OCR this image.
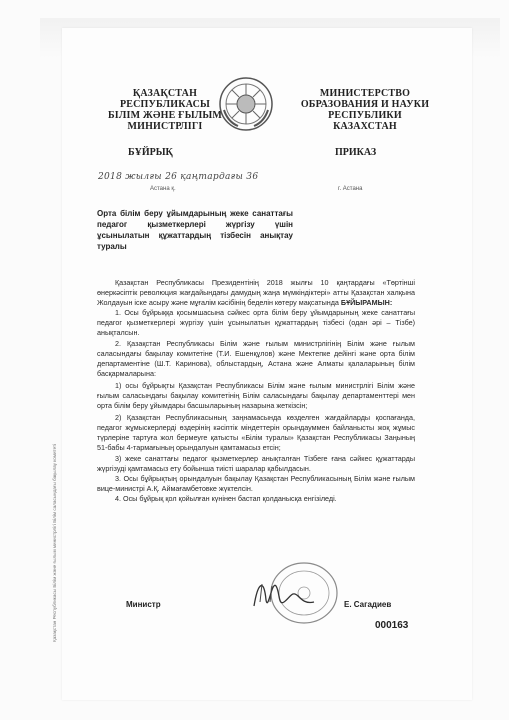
ҚАЗАҚСТАН
РЕСПУБЛИКАСЫ
БІЛІМ ЖӘНЕ ҒЫЛЫМ
МИНИСТРЛІГІ
МИНИСТЕРСТВО
ОБРАЗОВАНИЯ И НАУКИ
РЕСПУБЛИКИ
КАЗАХСТАН
БҰЙРЫҚ	ПРИКАЗ
2018 жылғы 26 қаңтардағы 36
Астана қ.	г. Астана
Орта білім беру ұйымдарының жеке санаттағы педагог қызметкерлері жүргізу үшін ұсынылатын құжаттардың тізбесін анықтау туралы

Қазақстан Республикасы Президентінің 2018 жылғы 10 қаңтардағы «Төртінші өнеркәсіптік революция жағдайындағы дамудың жаңа мүмкіндіктері» атты Қазақстан халқына Жолдауын іске асыру және мұғалім кәсібінің беделін көтеру мақсатында БҰЙЫРАМЫН:

1. Осы бұйрыққа қосымшасына сәйкес орта білім беру ұйымдарының жеке санаттағы педагог қызметкерлері жүргізу үшін ұсынылатын құжаттардың тізбесі (одан әрі – Тізбе) анықталсын.

2. Қазақстан Республикасы Білім және ғылым министрлігінің Білім және ғылым саласындағы бақылау комитетіне (Т.И. Ешенқұлов) және Мектепке дейінгі және орта білім департаментіне (Ш.Т. Каринова), облыстардың, Астана және Алматы қалаларының білім басқармаларына:

1) осы бұйрықты Қазақстан Республикасы Білім және ғылым министрлігі Білім және ғылым саласындағы бақылау комитетінің Білім саласындағы бақылау департаменттері мен орта білім беру ұйымдары басшыларының назарына жеткізсін;

2) Қазақстан Республикасының заңнамасында көзделген жағдайларды қоспағанда, педагог жұмыскерлерді өздерінің кәсіптік міндеттерін орындауммен байланысты жоқ жұмыс түрлеріне тартуға жол бермеуге қатысты «Білім туралы» Қазақстан Республикасы Заңының 51-бабы 4-тармағының орындалуын қамтамасыз етсін;

3) жеке санаттағы педагог қызметкерлер анықталған Тізбеге ғана сәйкес құжаттарды жүргізуді қамтамасыз ету бойынша тиісті шаралар қабылдасын.

3. Осы бұйрықтың орындалуын бақылау Қазақстан Республикасының Білім және ғылым вице-министрі А.Қ. Аймағамбетовке жүктелсін.

4. Осы бұйрық қол қойылған күнінен бастап қолданысқа енгізіледі.

Министр	Е. Сагадиев
000163
Қазақстан Республикасы Білім және ғылым министрлігі Білім саласындағы бақылау комитеті
